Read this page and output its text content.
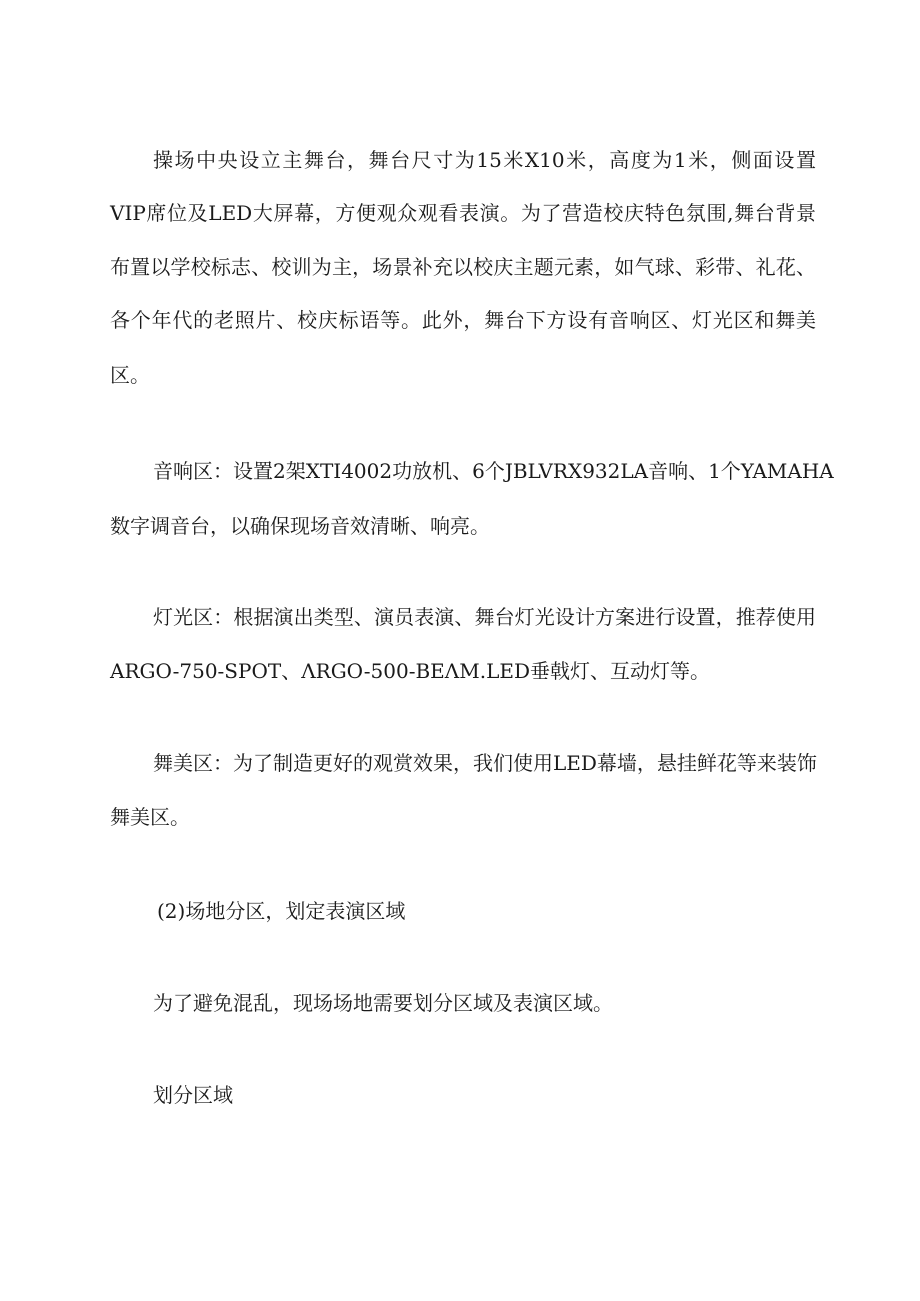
操场中央设立主舞台，舞台尺寸为15米X10米，高度为1米，侧面设置
VIP席位及LED大屏幕，方便观众观看表演。为了营造校庆特色氛围,舞台背景
布置以学校标志、校训为主，场景补充以校庆主题元素，如气球、彩带、礼花、
各个年代的老照片、校庆标语等。此外，舞台下方设有音响区、灯光区和舞美
区。
音响区：设置2架XTI4002功放机、6个JBLVRX932LA音响、1个YAMAHA
数字调音台，以确保现场音效清晰、响亮。
灯光区：根据演出类型、演员表演、舞台灯光设计方案进行设置，推荐使用
ARGO-750-SPOT、ΛRGO-500-BEΛM.LED垂戟灯、互动灯等。
舞美区：为了制造更好的观赏效果，我们使用LED幕墙，悬挂鲜花等来装饰
舞美区。
(2)场地分区，划定表演区域
为了避免混乱，现场场地需要划分区域及表演区域。
划分区域
